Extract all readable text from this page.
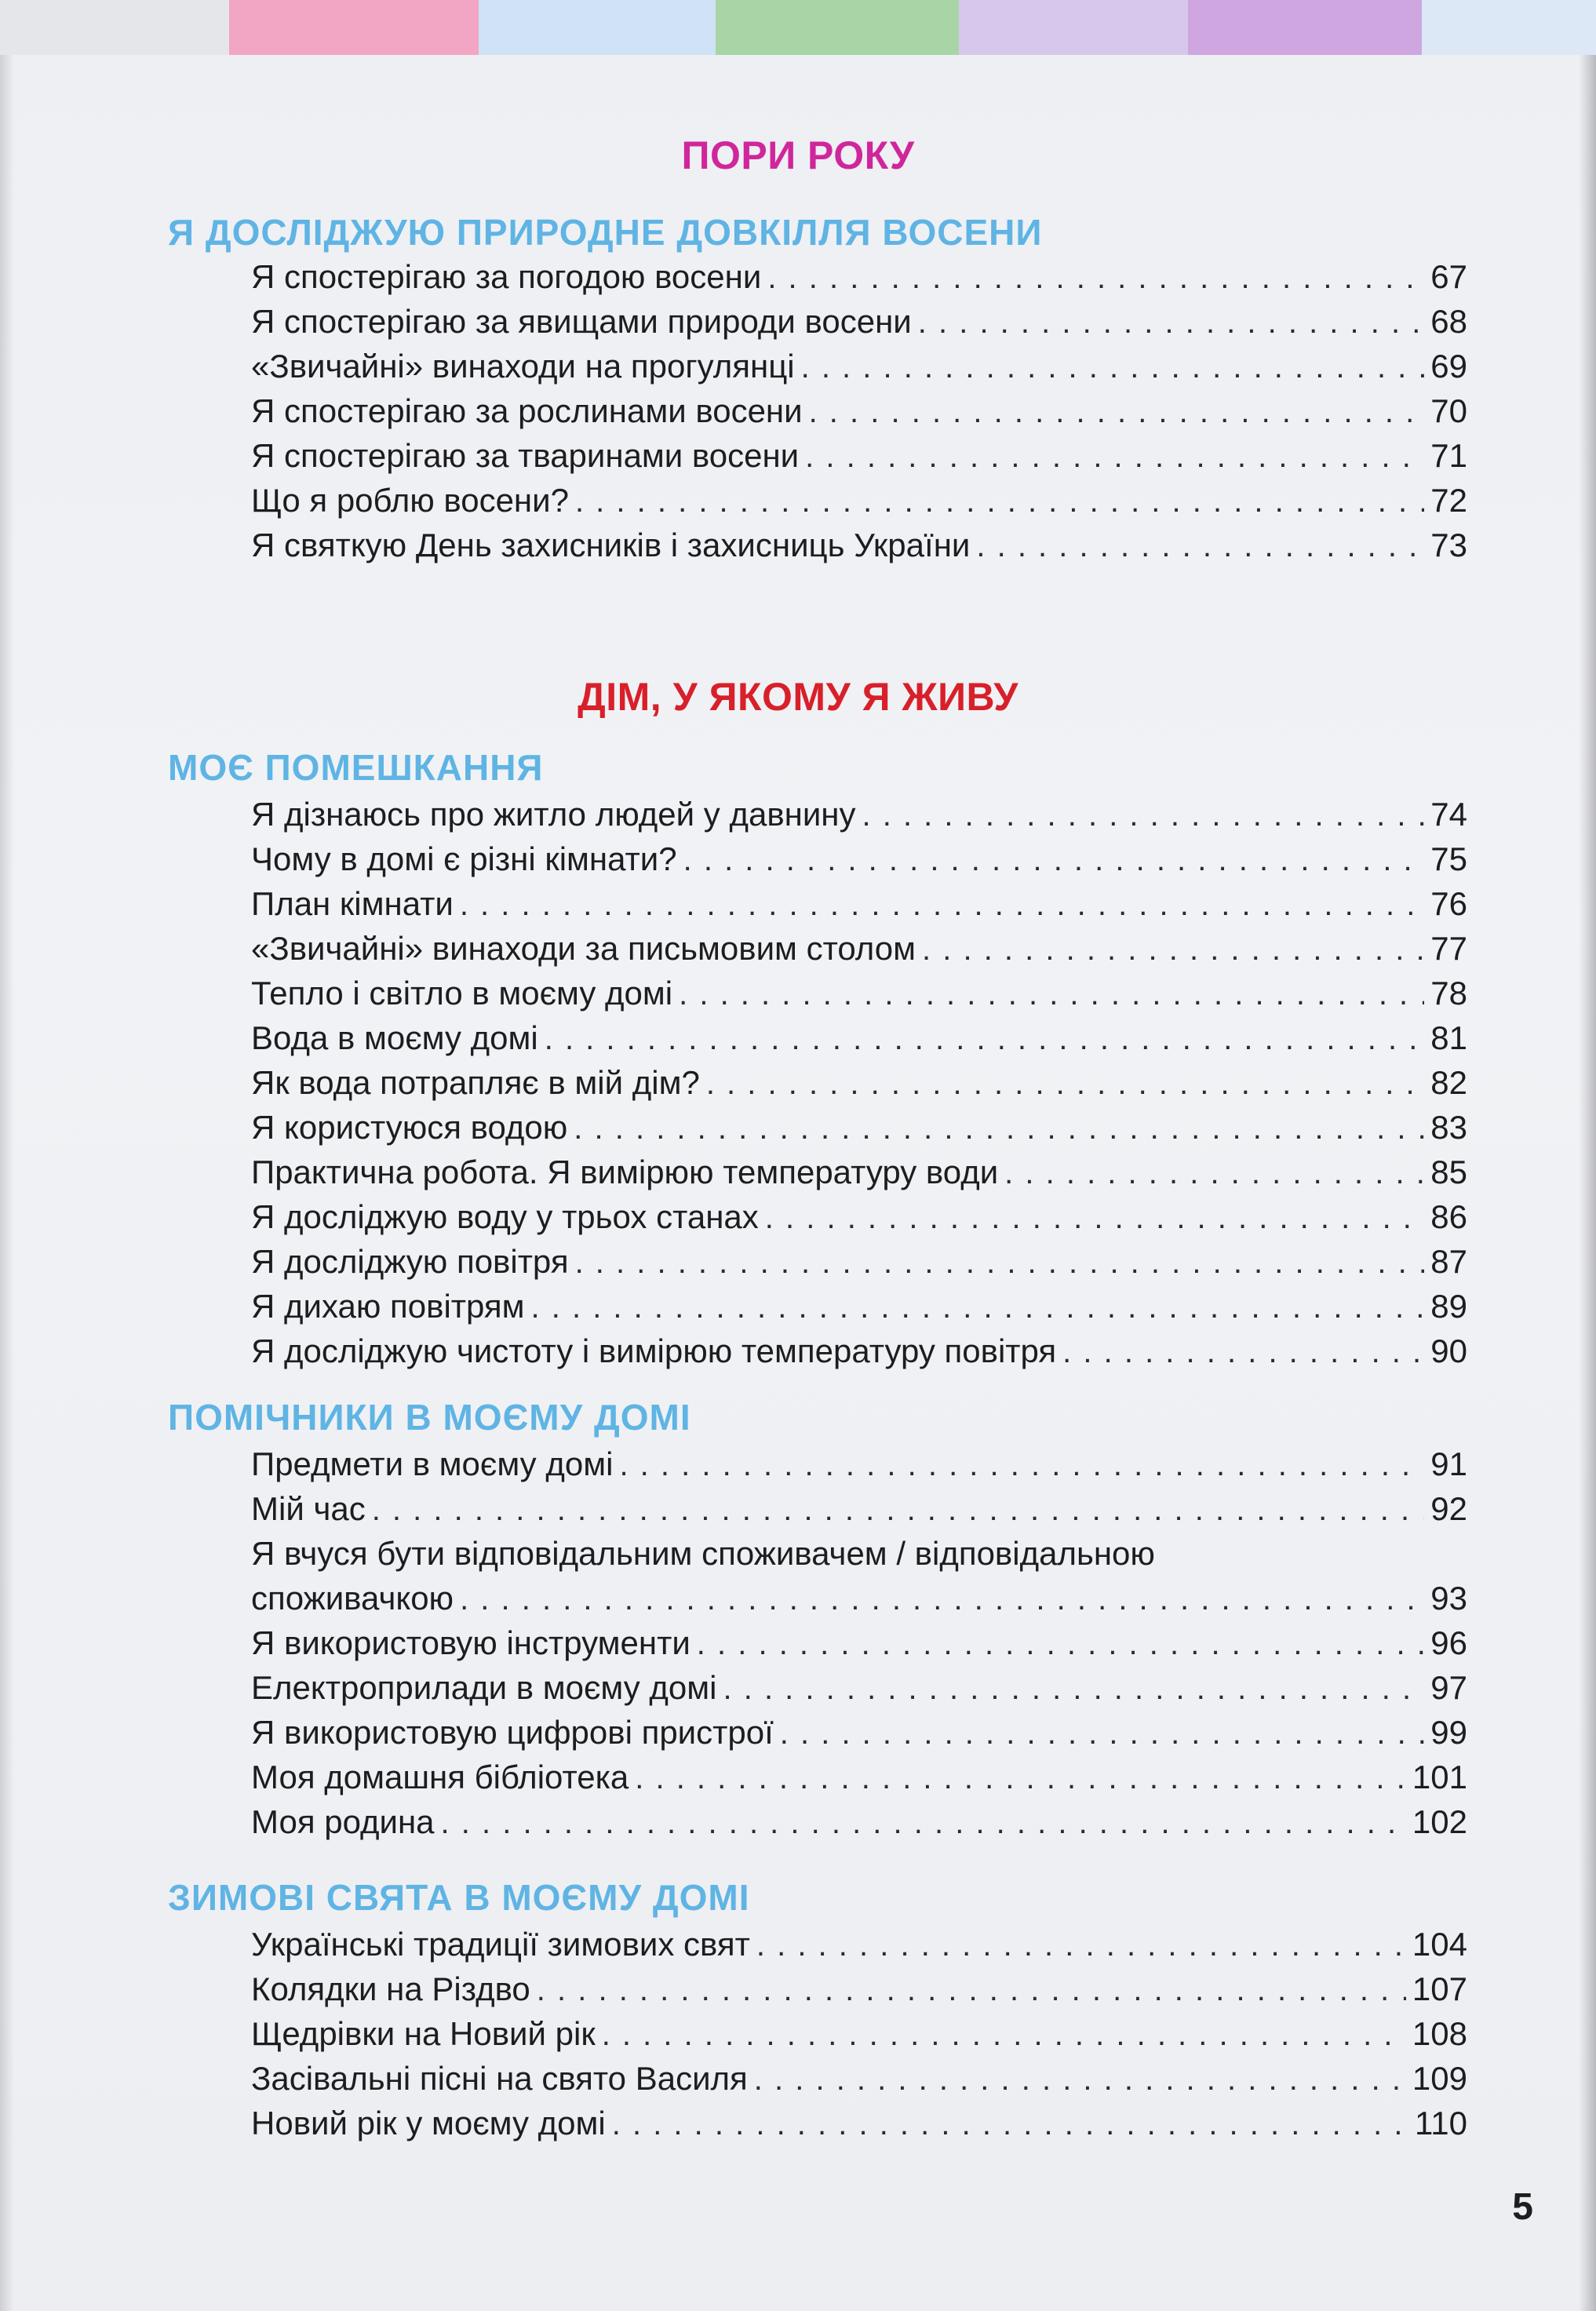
ПОРИ РОКУ
Я ДОСЛІДЖУЮ ПРИРОДНЕ ДОВКІЛЛЯ ВОСЕНИ
Я спостерігаю за погодою восени . . .	67
Я спостерігаю за явищами природи восени . . .	68
«Звичайні» винаходи на прогулянці . . .	69
Я спостерігаю за рослинами восени . . .	70
Я спостерігаю за тваринами восени . . .	71
Що я роблю восени? . . .	72
Я святкую День захисників і захисниць України . . .	73
ДІМ, У ЯКОМУ Я ЖИВУ
МОЄ ПОМЕШКАННЯ
Я дізнаюсь про житло людей у давнину . . .	74
Чому в домі є різні кімнати? . . .	75
План кімнати . . .	76
«Звичайні» винаходи за письмовим столом . . .	77
Тепло і світло в моєму домі . . .	78
Вода в моєму домі . . .	81
Як вода потрапляє в мій дім? . . .	82
Я користуюся водою . . .	83
Практична робота. Я вимірюю температуру води . . .	85
Я досліджую воду у трьох станах . . .	86
Я досліджую повітря . . .	87
Я дихаю повітрям . . .	89
Я досліджую чистоту і вимірюю температуру повітря . . .	90
ПОМІЧНИКИ В МОЄМУ ДОМІ
Предмети в моєму домі . . .	91
Мій час . . .	92
Я вчуся бути відповідальним споживачем / відповідальною
споживачкою . . .	93
Я використовую інструменти . . .	96
Електроприлади в моєму домі . . .	97
Я використовую цифрові пристрої . . .	99
Моя домашня бібліотека . . .	101
Моя родина . . .	102
ЗИМОВІ СВЯТА В МОЄМУ ДОМІ
Українські традиції зимових свят . . .	104
Колядки на Різдво . . .	107
Щедрівки на Новий рік . . .	108
Засівальні пісні на свято Василя . . .	109
Новий рік у моєму домі . . .	110
5
